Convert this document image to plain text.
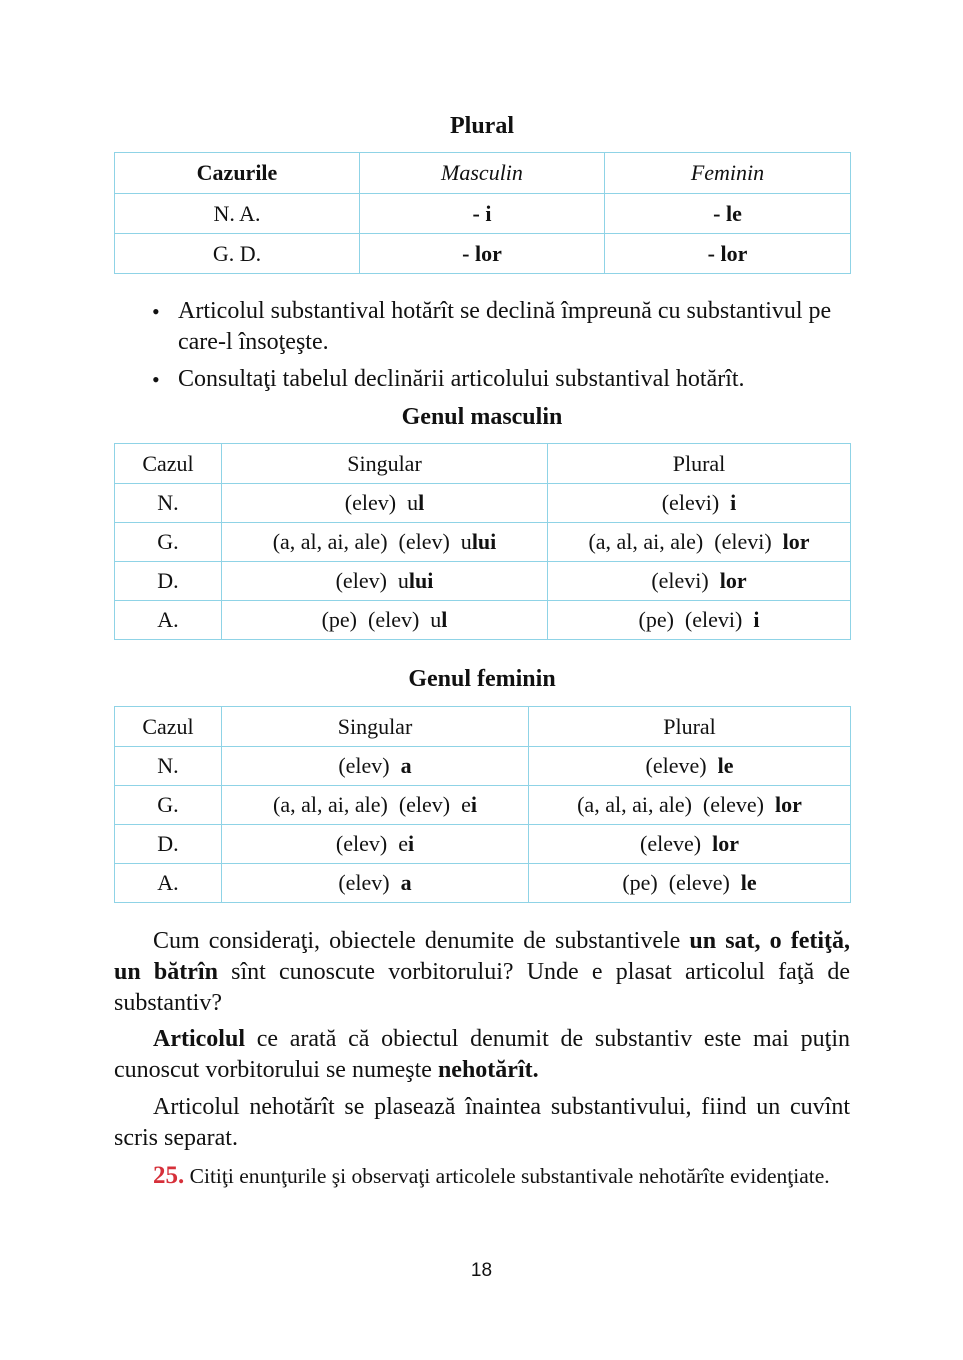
Plural
Cazurile	Masculin	Feminin
N. A.	- i	- le
G. D.	- lor	- lor
• Articolul substantival hotărît se declină împreună cu substantivul pe care-l însoţeşte.
• Consultaţi tabelul declinării articolului substantival hotărît.
Genul masculin
Cazul	Singular	Plural
N.	(elev)  ul	(elevi)  i
G.	(a, al, ai, ale)  (elev)  ului	(a, al, ai, ale)  (elevi)  lor
D.	(elev)  ului	(elevi)  lor
A.	(pe)  (elev)  ul	(pe)  (elevi)  i
Genul feminin
Cazul	Singular	Plural
N.	(elev)  a	(eleve)  le
G.	(a, al, ai, ale)  (elev)  ei	(a, al, ai, ale)  (eleve)  lor
D.	(elev)  ei	(eleve)  lor
A.	(elev)  a	(pe)  (eleve)  le
Cum consideraţi, obiectele denumite de substantivele un sat, o fetiţă, un bătrîn sînt cunoscute vorbitorului? Unde e plasat articolul faţă de substantiv?
Articolul ce arată că obiectul denumit de substantiv este mai puţin cunoscut vorbitorului se numeşte nehotărît.
Articolul nehotărît se plasează înaintea substantivului, fiind un cuvînt scris separat.
25. Citiţi enunţurile şi observaţi articolele substantivale nehotărîte evidenţiate.
18
